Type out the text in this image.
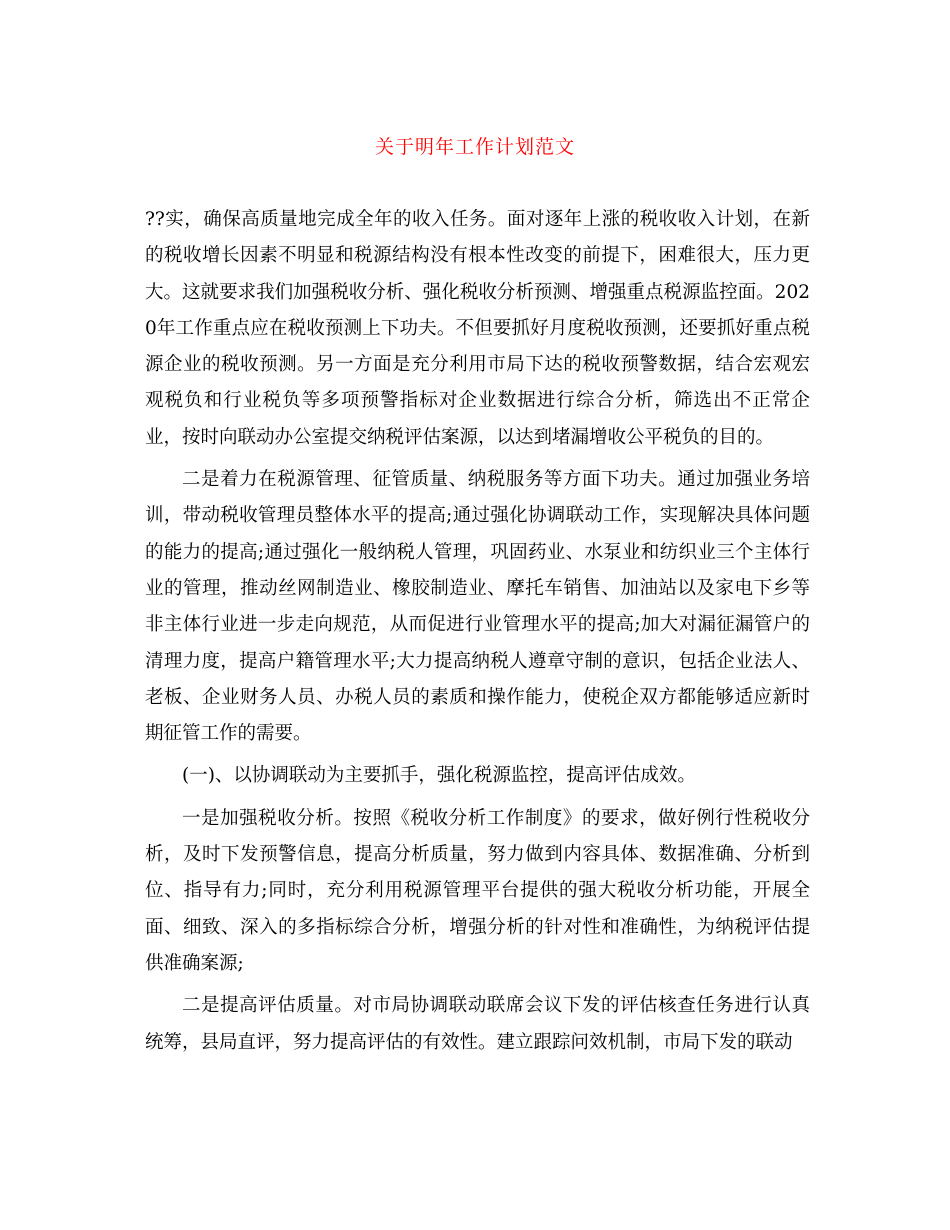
关于明年工作计划范文

??实，确保高质量地完成全年的收入任务。面对逐年上涨的税收收入计划，在新的税收增长因素不明显和税源结构没有根本性改变的前提下，困难很大，压力更大。这就要求我们加强税收分析、强化税收分析预测、增强重点税源监控面。2020年工作重点应在税收预测上下功夫。不但要抓好月度税收预测，还要抓好重点税源企业的税收预测。另一方面是充分利用市局下达的税收预警数据，结合宏观宏观税负和行业税负等多项预警指标对企业数据进行综合分析，筛选出不正常企业，按时向联动办公室提交纳税评估案源，以达到堵漏增收公平税负的目的。

二是着力在税源管理、征管质量、纳税服务等方面下功夫。通过加强业务培训，带动税收管理员整体水平的提高;通过强化协调联动工作，实现解决具体问题的能力的提高;通过强化一般纳税人管理，巩固药业、水泵业和纺织业三个主体行业的管理，推动丝网制造业、橡胶制造业、摩托车销售、加油站以及家电下乡等非主体行业进一步走向规范，从而促进行业管理水平的提高;加大对漏征漏管户的清理力度，提高户籍管理水平;大力提高纳税人遵章守制的意识，包括企业法人、老板、企业财务人员、办税人员的素质和操作能力，使税企双方都能够适应新时期征管工作的需要。

(一)、以协调联动为主要抓手，强化税源监控，提高评估成效。

一是加强税收分析。按照《税收分析工作制度》的要求，做好例行性税收分析，及时下发预警信息，提高分析质量，努力做到内容具体、数据准确、分析到位、指导有力;同时，充分利用税源管理平台提供的强大税收分析功能，开展全面、细致、深入的多指标综合分析，增强分析的针对性和准确性，为纳税评估提供准确案源;

二是提高评估质量。对市局协调联动联席会议下发的评估核查任务进行认真统筹，县局直评，努力提高评估的有效性。建立跟踪问效机制，市局下发的联动
